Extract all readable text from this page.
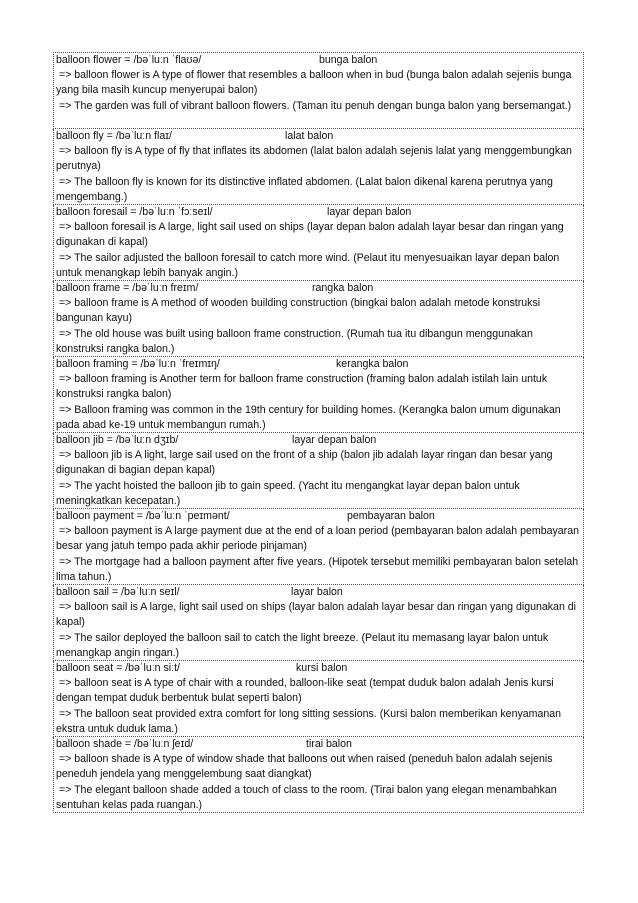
balloon flower = /bəˈluːn ˈflaʊə/	bunga balon
=> balloon flower is A type of flower that resembles a balloon when in bud (bunga balon adalah sejenis bunga yang bila masih kuncup menyerupai balon)
=> The garden was full of vibrant balloon flowers. (Taman itu penuh dengan bunga balon yang bersemangat.)
balloon fly = /bəˈluːn flaɪ/	lalat balon
=> balloon fly is A type of fly that inflates its abdomen (lalat balon adalah sejenis lalat yang menggembungkan perutnya)
=> The balloon fly is known for its distinctive inflated abdomen. (Lalat balon dikenal karena perutnya yang mengembang.)
balloon foresail = /bəˈluːn ˈfɔːseɪl/	layar depan balon
=> balloon foresail is A large, light sail used on ships (layar depan balon adalah layar besar dan ringan yang digunakan di kapal)
=> The sailor adjusted the balloon foresail to catch more wind. (Pelaut itu menyesuaikan layar depan balon untuk menangkap lebih banyak angin.)
balloon frame = /bəˈluːn freɪm/	rangka balon
=> balloon frame is A method of wooden building construction (bingkai balon adalah metode konstruksi bangunan kayu)
=> The old house was built using balloon frame construction. (Rumah tua itu dibangun menggunakan konstruksi rangka balon.)
balloon framing = /bəˈluːn ˈfreɪmɪŋ/	kerangka balon
=> balloon framing is Another term for balloon frame construction (framing balon adalah istilah lain untuk konstruksi rangka balon)
=> Balloon framing was common in the 19th century for building homes. (Kerangka balon umum digunakan pada abad ke-19 untuk membangun rumah.)
balloon jib = /bəˈluːn dʒɪb/	layar depan balon
=> balloon jib is A light, large sail used on the front of a ship (balon jib adalah layar ringan dan besar yang digunakan di bagian depan kapal)
=> The yacht hoisted the balloon jib to gain speed. (Yacht itu mengangkat layar depan balon untuk meningkatkan kecepatan.)
balloon payment = /bəˈluːn ˈpeɪmənt/	pembayaran balon
=> balloon payment is A large payment due at the end of a loan period (pembayaran balon adalah pembayaran besar yang jatuh tempo pada akhir periode pinjaman)
=> The mortgage had a balloon payment after five years. (Hipotek tersebut memiliki pembayaran balon setelah lima tahun.)
balloon sail = /bəˈluːn seɪl/	layar balon
=> balloon sail is A large, light sail used on ships (layar balon adalah layar besar dan ringan yang digunakan di kapal)
=> The sailor deployed the balloon sail to catch the light breeze. (Pelaut itu memasang layar balon untuk menangkap angin ringan.)
balloon seat = /bəˈluːn siːt/	kursi balon
=> balloon seat is A type of chair with a rounded, balloon-like seat (tempat duduk balon adalah Jenis kursi dengan tempat duduk berbentuk bulat seperti balon)
=> The balloon seat provided extra comfort for long sitting sessions. (Kursi balon memberikan kenyamanan ekstra untuk duduk lama.)
balloon shade = /bəˈluːn ʃeɪd/	tirai balon
=> balloon shade is A type of window shade that balloons out when raised (peneduh balon adalah sejenis peneduh jendela yang menggelembung saat diangkat)
=> The elegant balloon shade added a touch of class to the room. (Tirai balon yang elegan menambahkan sentuhan kelas pada ruangan.)
